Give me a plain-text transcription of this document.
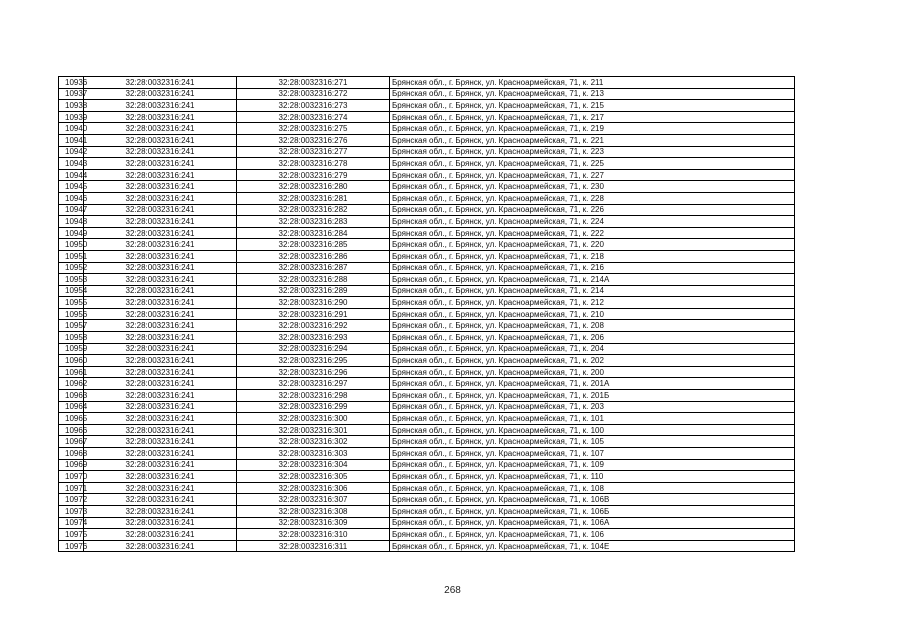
10936	32:28:0032316:241	32:28:0032316:271	Брянская обл., г. Брянск, ул. Красноармейская, 71, к. 211
10937	32:28:0032316:241	32:28:0032316:272	Брянская обл., г. Брянск, ул. Красноармейская, 71, к. 213
10938	32:28:0032316:241	32:28:0032316:273	Брянская обл., г. Брянск, ул. Красноармейская, 71, к. 215
10939	32:28:0032316:241	32:28:0032316:274	Брянская обл., г. Брянск, ул. Красноармейская, 71, к. 217
10940	32:28:0032316:241	32:28:0032316:275	Брянская обл., г. Брянск, ул. Красноармейская, 71, к. 219
10941	32:28:0032316:241	32:28:0032316:276	Брянская обл., г. Брянск, ул. Красноармейская, 71, к. 221
10942	32:28:0032316:241	32:28:0032316:277	Брянская обл., г. Брянск, ул. Красноармейская, 71, к. 223
10943	32:28:0032316:241	32:28:0032316:278	Брянская обл., г. Брянск, ул. Красноармейская, 71, к. 225
10944	32:28:0032316:241	32:28:0032316:279	Брянская обл., г. Брянск, ул. Красноармейская, 71, к. 227
10945	32:28:0032316:241	32:28:0032316:280	Брянская обл., г. Брянск, ул. Красноармейская, 71, к. 230
10946	32:28:0032316:241	32:28:0032316:281	Брянская обл., г. Брянск, ул. Красноармейская, 71, к. 228
10947	32:28:0032316:241	32:28:0032316:282	Брянская обл., г. Брянск, ул. Красноармейская, 71, к. 226
10948	32:28:0032316:241	32:28:0032316:283	Брянская обл., г. Брянск, ул. Красноармейская, 71, к. 224
10949	32:28:0032316:241	32:28:0032316:284	Брянская обл., г. Брянск, ул. Красноармейская, 71, к. 222
10950	32:28:0032316:241	32:28:0032316:285	Брянская обл., г. Брянск, ул. Красноармейская, 71, к. 220
10951	32:28:0032316:241	32:28:0032316:286	Брянская обл., г. Брянск, ул. Красноармейская, 71, к. 218
10952	32:28:0032316:241	32:28:0032316:287	Брянская обл., г. Брянск, ул. Красноармейская, 71, к. 216
10953	32:28:0032316:241	32:28:0032316:288	Брянская обл., г. Брянск, ул. Красноармейская, 71, к. 214А
10954	32:28:0032316:241	32:28:0032316:289	Брянская обл., г. Брянск, ул. Красноармейская, 71, к. 214
10955	32:28:0032316:241	32:28:0032316:290	Брянская обл., г. Брянск, ул. Красноармейская, 71, к. 212
10956	32:28:0032316:241	32:28:0032316:291	Брянская обл., г. Брянск, ул. Красноармейская, 71, к. 210
10957	32:28:0032316:241	32:28:0032316:292	Брянская обл., г. Брянск, ул. Красноармейская, 71, к. 208
10958	32:28:0032316:241	32:28:0032316:293	Брянская обл., г. Брянск, ул. Красноармейская, 71, к. 206
10959	32:28:0032316:241	32:28:0032316:294	Брянская обл., г. Брянск, ул. Красноармейская, 71, к. 204
10960	32:28:0032316:241	32:28:0032316:295	Брянская обл., г. Брянск, ул. Красноармейская, 71, к. 202
10961	32:28:0032316:241	32:28:0032316:296	Брянская обл., г. Брянск, ул. Красноармейская, 71, к. 200
10962	32:28:0032316:241	32:28:0032316:297	Брянская обл., г. Брянск, ул. Красноармейская, 71, к. 201А
10963	32:28:0032316:241	32:28:0032316:298	Брянская обл., г. Брянск, ул. Красноармейская, 71, к. 201Б
10964	32:28:0032316:241	32:28:0032316:299	Брянская обл., г. Брянск, ул. Красноармейская, 71, к. 203
10965	32:28:0032316:241	32:28:0032316:300	Брянская обл., г. Брянск, ул. Красноармейская, 71, к. 101
10966	32:28:0032316:241	32:28:0032316:301	Брянская обл., г. Брянск, ул. Красноармейская, 71, к. 100
10967	32:28:0032316:241	32:28:0032316:302	Брянская обл., г. Брянск, ул. Красноармейская, 71, к. 105
10968	32:28:0032316:241	32:28:0032316:303	Брянская обл., г. Брянск, ул. Красноармейская, 71, к. 107
10969	32:28:0032316:241	32:28:0032316:304	Брянская обл., г. Брянск, ул. Красноармейская, 71, к. 109
10970	32:28:0032316:241	32:28:0032316:305	Брянская обл., г. Брянск, ул. Красноармейская, 71, к. 110
10971	32:28:0032316:241	32:28:0032316:306	Брянская обл., г. Брянск, ул. Красноармейская, 71, к. 108
10972	32:28:0032316:241	32:28:0032316:307	Брянская обл., г. Брянск, ул. Красноармейская, 71, к. 106В
10973	32:28:0032316:241	32:28:0032316:308	Брянская обл., г. Брянск, ул. Красноармейская, 71, к. 106Б
10974	32:28:0032316:241	32:28:0032316:309	Брянская обл., г. Брянск, ул. Красноармейская, 71, к. 106А
10975	32:28:0032316:241	32:28:0032316:310	Брянская обл., г. Брянск, ул. Красноармейская, 71, к. 106
10976	32:28:0032316:241	32:28:0032316:311	Брянская обл., г. Брянск, ул. Красноармейская, 71, к. 104Е
268
